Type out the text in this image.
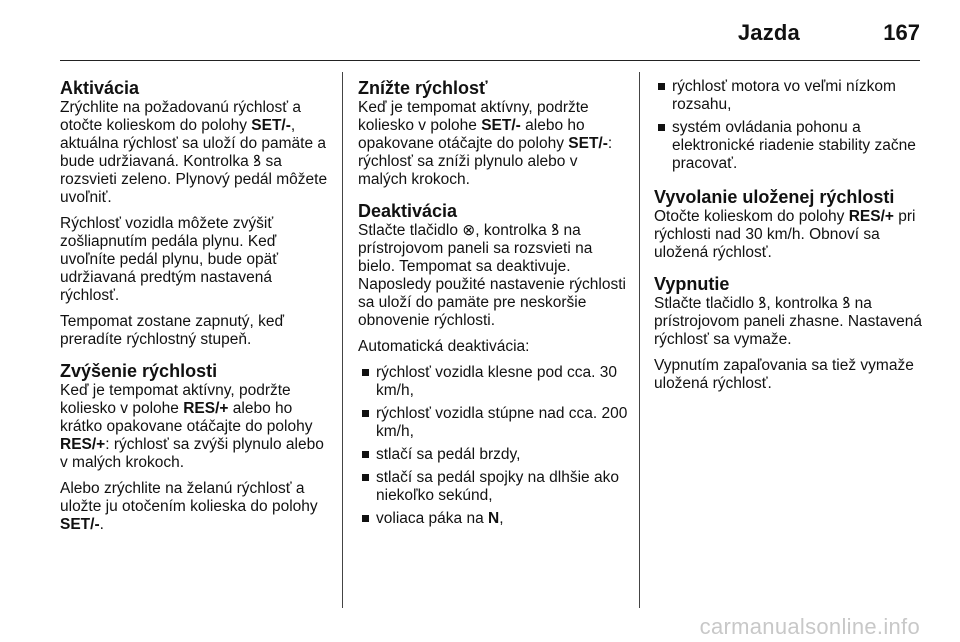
Jazda	167
Aktivácia

Zrýchlite na požadovanú rýchlosť a otočte kolieskom do polohy SET/-, aktuálna rýchlosť sa uloží do pamäte a bude udržiavaná. Kontrolka ꝸ sa rozsvieti zeleno. Plynový pedál môžete uvoľniť.

Rýchlosť vozidla môžete zvýšiť zošliapnutím pedála plynu. Keď uvoľníte pedál plynu, bude opäť udržiavaná predtým nastavená rýchlosť.

Tempomat zostane zapnutý, keď preradíte rýchlostný stupeň.

Zvýšenie rýchlosti

Keď je tempomat aktívny, podržte koliesko v polohe RES/+ alebo ho krátko opakovane otáčajte do polohy RES/+: rýchlosť sa zvýši plynulo alebo v malých krokoch.

Alebo zrýchlite na želanú rýchlosť a uložte ju otočením kolieska do polohy SET/-.

Znížte rýchlosť

Keď je tempomat aktívny, podržte koliesko v polohe SET/- alebo ho opakovane otáčajte do polohy SET/-: rýchlosť sa zníži plynulo alebo v malých krokoch.

Deaktivácia

Stlačte tlačidlo ⊗, kontrolka ꝸ na prístrojovom paneli sa rozsvieti na bielo. Tempomat sa deaktivuje. Naposledy použité nastavenie rýchlosti sa uloží do pamäte pre neskoršie obnovenie rýchlosti.

Automatická deaktivácia:

rýchlosť vozidla klesne pod cca. 30 km/h,
rýchlosť vozidla stúpne nad cca. 200 km/h,
stlačí sa pedál brzdy,
stlačí sa pedál spojky na dlhšie ako niekoľko sekúnd,
voliaca páka na N,
rýchlosť motora vo veľmi nízkom rozsahu,
systém ovládania pohonu a elektronické riadenie stability začne pracovať.
Vyvolanie uloženej rýchlosti

Otočte kolieskom do polohy RES/+ pri rýchlosti nad 30 km/h. Obnoví sa uložená rýchlosť.

Vypnutie

Stlačte tlačidlo ꝸ, kontrolka ꝸ na prístrojovom paneli zhasne. Nastavená rýchlosť sa vymaže.

Vypnutím zapaľovania sa tiež vymaže uložená rýchlosť.

carmanualsonline.info
